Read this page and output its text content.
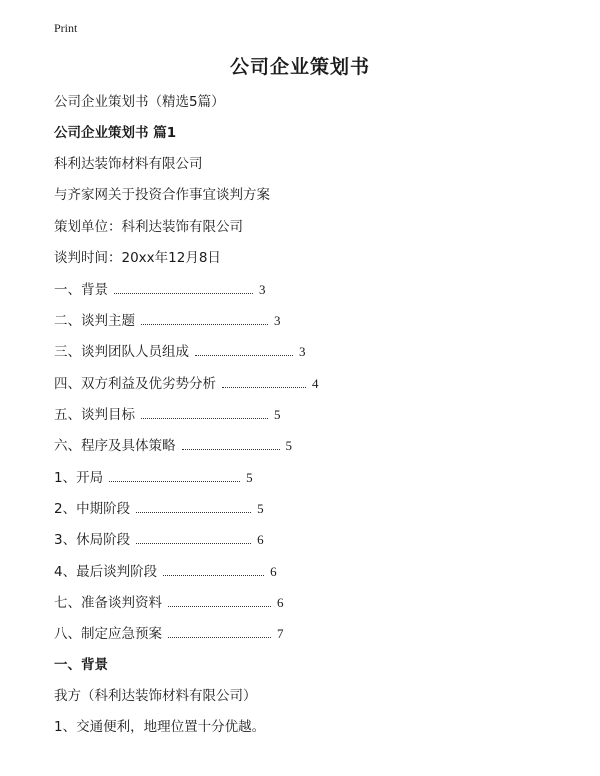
Print
公司企业策划书
公司企业策划书（精选5篇）
公司企业策划书 篇1
科利达装饰材料有限公司
与齐家网关于投资合作事宜谈判方案
策划单位：科利达装饰有限公司
谈判时间：20xx年12月8日
一、背景	3
二、谈判主题	3
三、谈判团队人员组成	3
四、双方利益及优劣势分析	4
五、谈判目标	5
六、程序及具体策略	5
1、开局	5
2、中期阶段	5
3、休局阶段	6
4、最后谈判阶段	6
七、准备谈判资料	6
八、制定应急预案	7
一、背景
我方（科利达装饰材料有限公司）
1、交通便利，地理位置十分优越。
